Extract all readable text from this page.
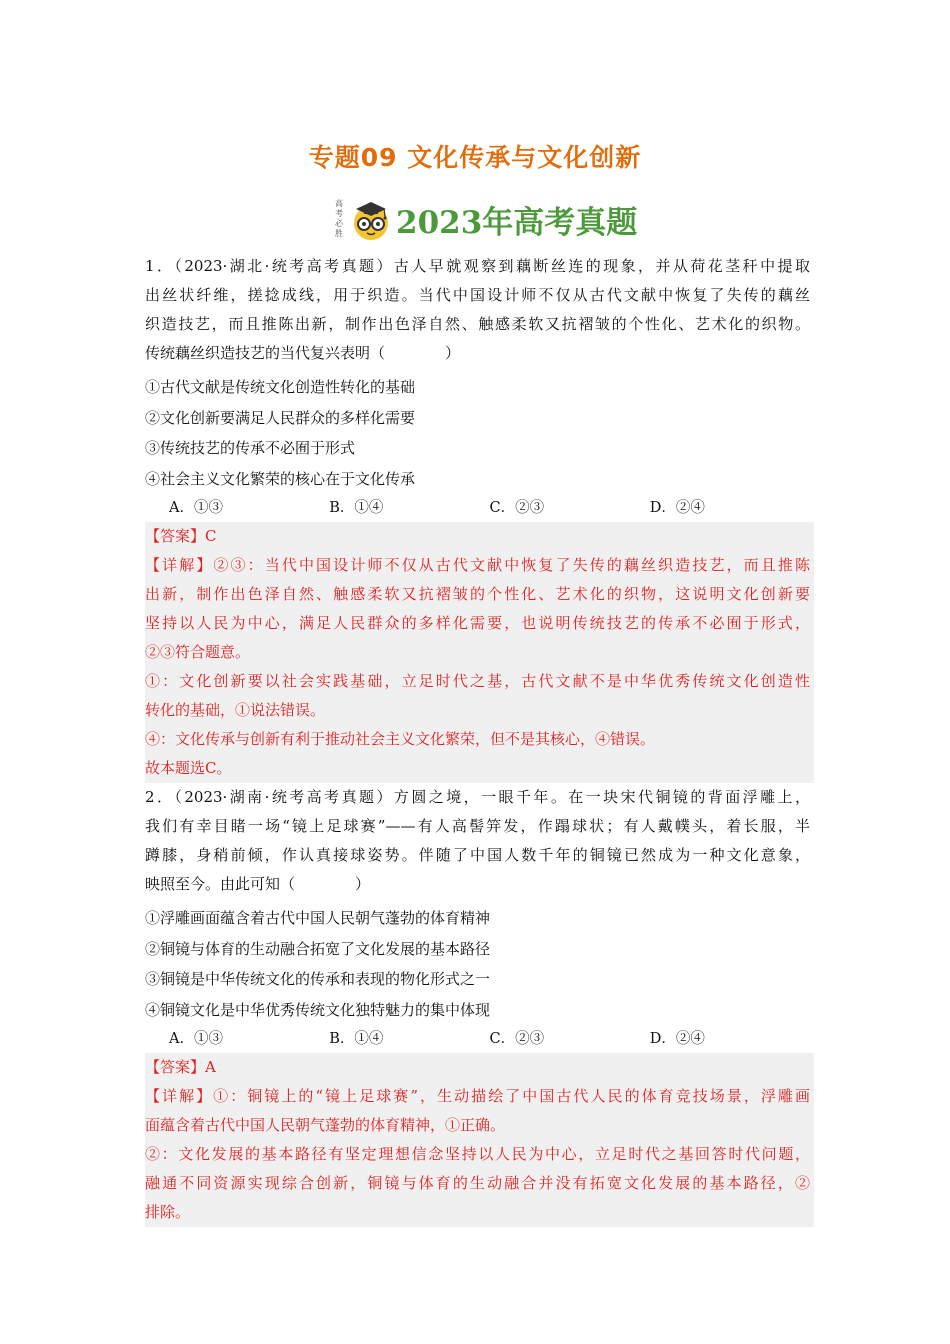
专题09 文化传承与文化创新
高
考
必
胜 2023年高考真题
1．（2023·湖北·统考高考真题）古人早就观察到藕断丝连的现象，并从荷花茎秆中提取
出丝状纤维，搓捻成线，用于织造。当代中国设计师不仅从古代文献中恢复了失传的藕丝
织造技艺，而且推陈出新，制作出色泽自然、触感柔软又抗褶皱的个性化、艺术化的织物。
传统藕丝织造技艺的当代复兴表明（　　　　）
①古代文献是传统文化创造性转化的基础
②文化创新要满足人民群众的多样化需要
③传统技艺的传承不必囿于形式
④社会主义文化繁荣的核心在于文化传承
A．①③	B．①④	C．②③	D．②④
【答案】C
【详解】②③：当代中国设计师不仅从古代文献中恢复了失传的藕丝织造技艺，而且推陈
出新，制作出色泽自然、触感柔软又抗褶皱的个性化、艺术化的织物，这说明文化创新要
坚持以人民为中心，满足人民群众的多样化需要，也说明传统技艺的传承不必囿于形式，
②③符合题意。
①：文化创新要以社会实践基础，立足时代之基，古代文献不是中华优秀传统文化创造性
转化的基础，①说法错误。
④：文化传承与创新有利于推动社会主义文化繁荣，但不是其核心，④错误。
故本题选C。
2．（2023·湖南·统考高考真题）方圆之境，一眼千年。在一块宋代铜镜的背面浮雕上，
我们有幸目睹一场“镜上足球赛”——有人高髻笄发，作蹋球状；有人戴幞头，着长服，半
蹲膝，身稍前倾，作认真接球姿势。伴随了中国人数千年的铜镜已然成为一种文化意象，
映照至今。由此可知（　　　　）
①浮雕画面蕴含着古代中国人民朝气蓬勃的体育精神
②铜镜与体育的生动融合拓宽了文化发展的基本路径
③铜镜是中华传统文化的传承和表现的物化形式之一
④铜镜文化是中华优秀传统文化独特魅力的集中体现
A．①③	B．①④	C．②③	D．②④
【答案】A
【详解】①：铜镜上的“镜上足球赛”，生动描绘了中国古代人民的体育竞技场景，浮雕画
面蕴含着古代中国人民朝气蓬勃的体育精神，①正确。
②：文化发展的基本路径有坚定理想信念坚持以人民为中心，立足时代之基回答时代问题，
融通不同资源实现综合创新，铜镜与体育的生动融合并没有拓宽文化发展的基本路径，②
排除。
